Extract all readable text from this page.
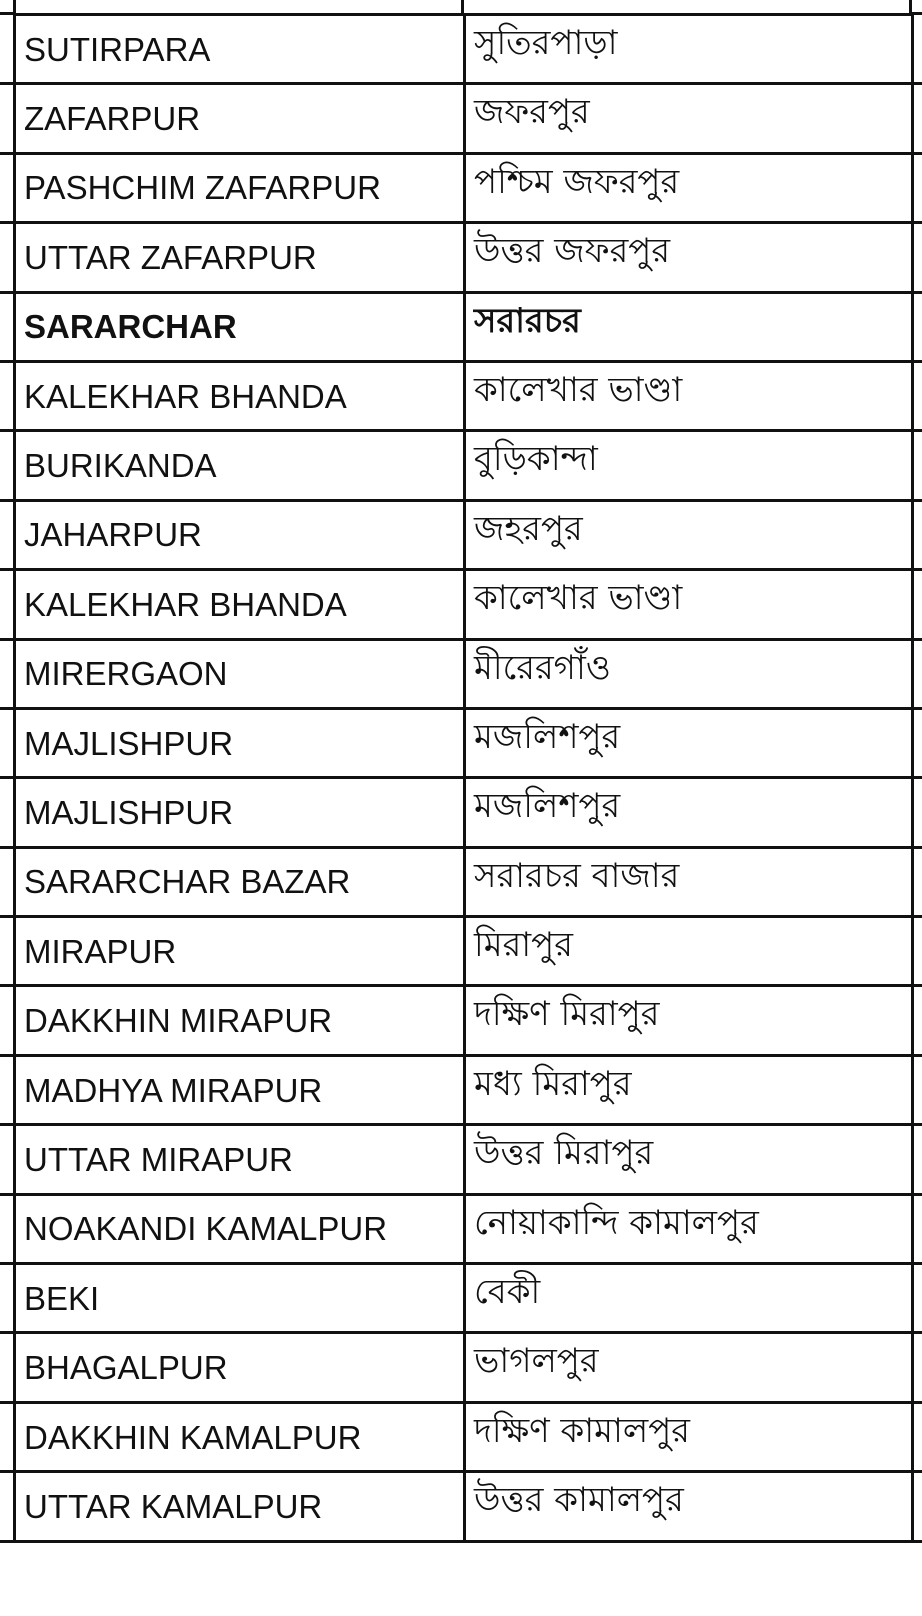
SUTIRPARA	সুতিরপাড়া
ZAFARPUR	জফরপুর
PASHCHIM ZAFARPUR	পশ্চিম জফরপুর
UTTAR ZAFARPUR	উত্তর জফরপুর
SARARCHAR	সরারচর
KALEKHAR BHANDA	কালেখার ভাণ্ডা
BURIKANDA	বুড়িকান্দা
JAHARPUR	জহরপুর
KALEKHAR BHANDA	কালেখার ভাণ্ডা
MIRERGAON	মীরেরগাঁও
MAJLISHPUR	মজলিশপুর
MAJLISHPUR	মজলিশপুর
SARARCHAR BAZAR	সরারচর বাজার
MIRAPUR	মিরাপুর
DAKKHIN MIRAPUR	দক্ষিণ মিরাপুর
MADHYA MIRAPUR	মধ্য মিরাপুর
UTTAR MIRAPUR	উত্তর মিরাপুর
NOAKANDI KAMALPUR	নোয়াকান্দি কামালপুর
BEKI	বেকী
BHAGALPUR	ভাগলপুর
DAKKHIN KAMALPUR	দক্ষিণ কামালপুর
UTTAR KAMALPUR	উত্তর কামালপুর
